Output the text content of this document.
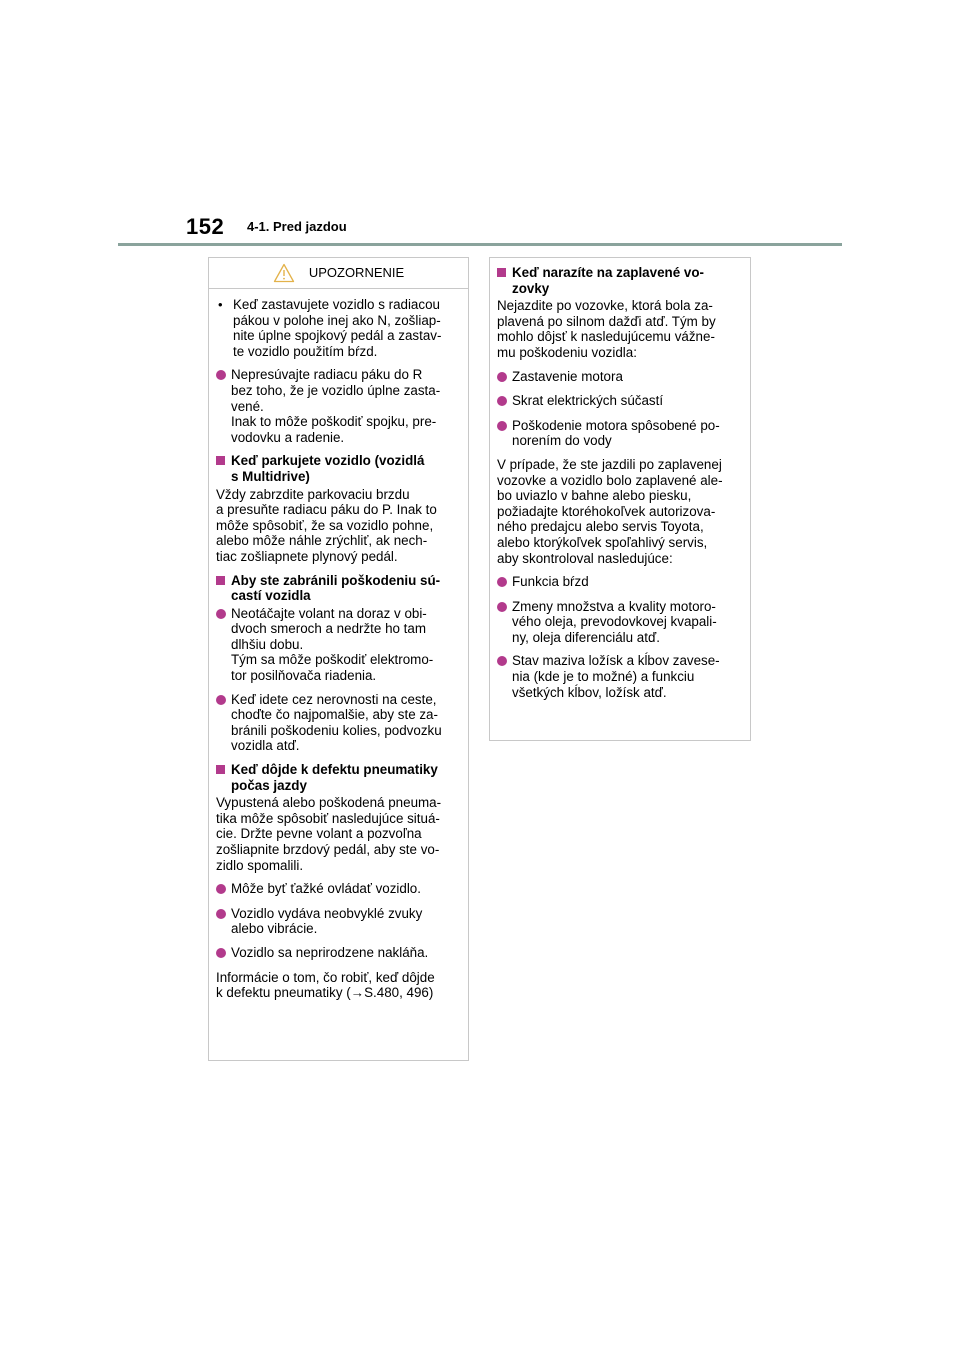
152 4-1. Pred jazdou
UPOZORNENIE
• Keď zastavujete vozidlo s radiacou
pákou v polohe inej ako N, zošliap-
nite úplne spojkový pedál a zastav-
te vozidlo použitím bŕzd.
Nepresúvajte radiacu páku do R
bez toho, že je vozidlo úplne zasta-
vené.
Inak to môže poškodiť spojku, pre-
vodovku a radenie.
Keď parkujete vozidlo (vozidlá
s Multidrive)

Vždy zabrzdite parkovaciu brzdu
a presuňte radiacu páku do P. Inak to
môže spôsobiť, že sa vozidlo pohne,
alebo môže náhle zrýchliť, ak nech-
tiac zošliapnete plynový pedál.

Aby ste zabránili poškodeniu sú-
castí vozidla
Neotáčajte volant na doraz v obi-
dvoch smeroch a nedržte ho tam
dlhšiu dobu.
Tým sa môže poškodiť elektromo-
tor posilňovača riadenia.
Keď idete cez nerovnosti na ceste,
choďte čo najpomalšie, aby ste za-
bránili poškodeniu kolies, podvozku
vozidla atď.
Keď dôjde k defektu pneumatiky
počas jazdy

Vypustená alebo poškodená pneuma-
tika môže spôsobiť nasledujúce situá-
cie. Držte pevne volant a pozvoľna
zošliapnite brzdový pedál, aby ste vo-
zidlo spomalili.

Môže byť ťažké ovládať vozidlo.
Vozidlo vydáva neobvyklé zvuky
alebo vibrácie.
Vozidlo sa neprirodzene nakláňa.

Informácie o tom, čo robiť, keď dôjde
k defektu pneumatiky (→S.480, 496)

Keď narazíte na zaplavené vo-
zovky

Nejazdite po vozovke, ktorá bola za-
plavená po silnom dažďi atď. Tým by
mohlo dôjsť k nasledujúcemu vážne-
mu poškodeniu vozidla:

Zastavenie motora
Skrat elektrických súčastí
Poškodenie motora spôsobené po-
norením do vody

V prípade, že ste jazdili po zaplavenej
vozovke a vozidlo bolo zaplavené ale-
bo uviazlo v bahne alebo piesku,
požiadajte ktoréhokoľvek autorizova-
ného predajcu alebo servis Toyota,
alebo ktorýkoľvek spoľahlivý servis,
aby skontroloval nasledujúce:

Funkcia bŕzd
Zmeny množstva a kvality motoro-
vého oleja, prevodovkovej kvapali-
ny, oleja diferenciálu atď.
Stav maziva ložísk a kĺbov zavese-
nia (kde je to možné) a funkciu
všetkých kĺbov, ložísk atď.
